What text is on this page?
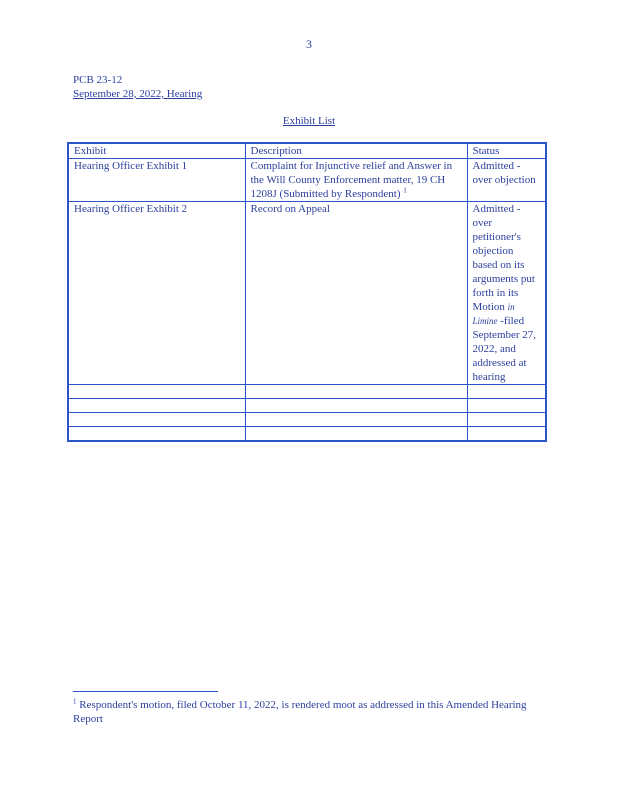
3
PCB 23-12
September 28, 2022, Hearing
Exhibit List
Exhibit	Description	Status
Hearing Officer Exhibit 1	Complaint for Injunctive relief and Answer in the Will County Enforcement matter, 19 CH 1208J (Submitted by Respondent) $^1$	Admitted - over objection
Hearing Officer Exhibit 2	Record on Appeal	Admitted - over petitioner's objection based on its arguments put forth in its Motion in Limine -filed September 27, 2022, and addressed at hearing

$^1$ Respondent's motion, filed October 11, 2022, is rendered moot as addressed in this Amended Hearing Report
